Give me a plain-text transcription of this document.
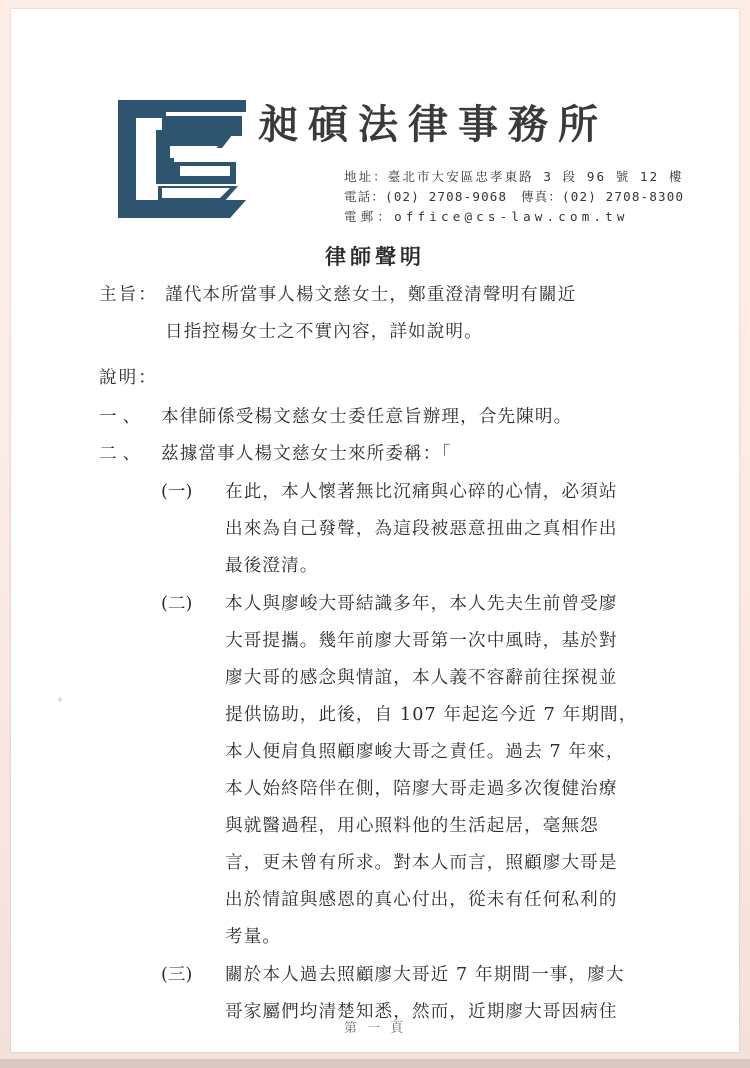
昶碩法律事務所
地址：臺北市大安區忠孝東路 3 段 96 號 12 樓
電話：(02) 2708-9068　傳真：(02) 2708-8300
電郵：office@cs-law.com.tw
律師聲明
主旨： 謹代本所當事人楊文慈女士，鄭重澄清聲明有關近
日指控楊女士之不實內容，詳如說明。
說明：
一、 本律師係受楊文慈女士委任意旨辦理，合先陳明。
二、 茲據當事人楊文慈女士來所委稱：「
(一) 在此，本人懷著無比沉痛與心碎的心情，必須站
出來為自己發聲，為這段被惡意扭曲之真相作出
最後澄清。
(二) 本人與廖峻大哥結識多年，本人先夫生前曾受廖
大哥提攜。幾年前廖大哥第一次中風時，基於對
廖大哥的感念與情誼，本人義不容辭前往探視並
提供協助，此後，自 107 年起迄今近 7 年期間，
本人便肩負照顧廖峻大哥之責任。過去 7 年來，
本人始終陪伴在側，陪廖大哥走過多次復健治療
與就醫過程，用心照料他的生活起居，毫無怨
言，更未曾有所求。對本人而言，照顧廖大哥是
出於情誼與感恩的真心付出，從未有任何私利的
考量。
(三) 關於本人過去照顧廖大哥近 7 年期間一事，廖大
哥家屬們均清楚知悉，然而，近期廖大哥因病住
第 一 頁
